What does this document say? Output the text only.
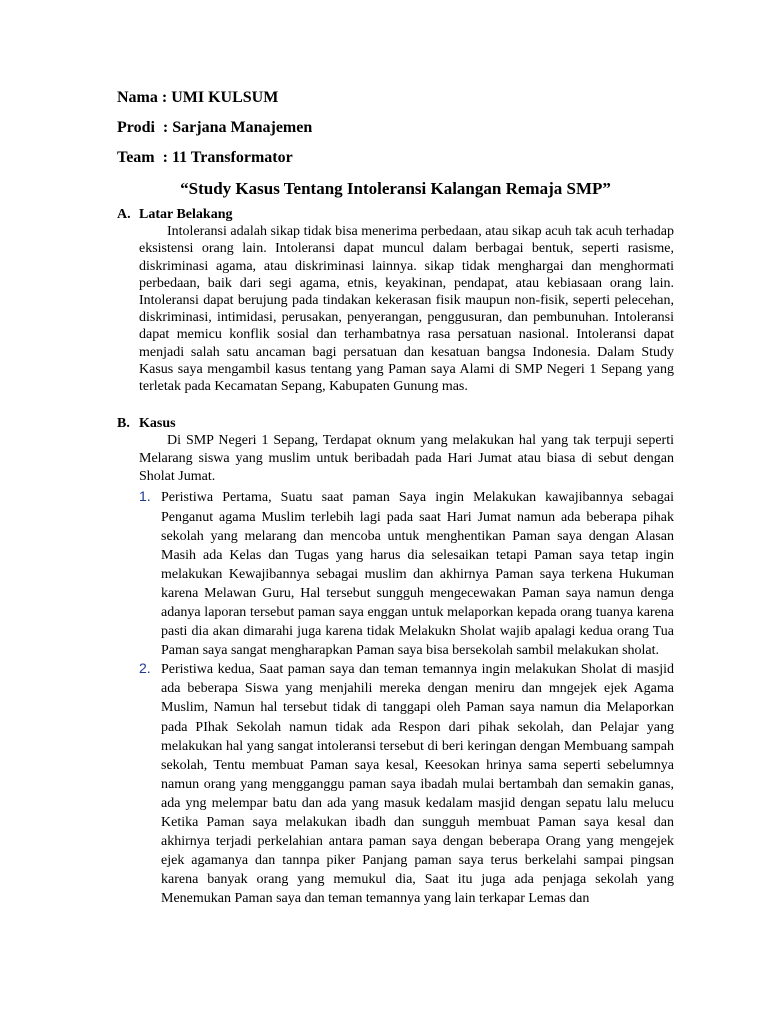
Nama : UMI KULSUM

Prodi  : Sarjana Manajemen

Team  : 11 Transformator

“Study Kasus Tentang Intoleransi Kalangan Remaja SMP”
A. Latar Belakang

Intoleransi adalah sikap tidak bisa menerima perbedaan, atau sikap acuh tak acuh terhadap eksistensi orang lain. Intoleransi dapat muncul dalam berbagai bentuk, seperti rasisme, diskriminasi agama, atau diskriminasi lainnya. sikap tidak menghargai dan menghormati perbedaan, baik dari segi agama, etnis, keyakinan, pendapat, atau kebiasaan orang lain. Intoleransi dapat berujung pada tindakan kekerasan fisik maupun non-fisik, seperti pelecehan, diskriminasi, intimidasi, perusakan, penyerangan, penggusuran, dan pembunuhan. Intoleransi dapat memicu konflik sosial dan terhambatnya rasa persatuan nasional. Intoleransi dapat menjadi salah satu ancaman bagi persatuan dan kesatuan bangsa Indonesia. Dalam Study Kasus saya mengambil kasus tentang yang Paman saya Alami di SMP Negeri 1 Sepang yang terletak pada Kecamatan Sepang, Kabupaten Gunung mas.

B. Kasus

Di SMP Negeri 1 Sepang, Terdapat oknum yang melakukan hal yang tak terpuji seperti Melarang siswa yang muslim untuk beribadah pada Hari Jumat atau biasa di sebut dengan Sholat Jumat.

1. Peristiwa Pertama, Suatu saat paman Saya ingin Melakukan kawajibannya sebagai Penganut agama Muslim terlebih lagi pada saat Hari Jumat namun ada beberapa pihak sekolah yang melarang dan mencoba untuk menghentikan Paman saya dengan Alasan Masih ada Kelas dan Tugas yang harus dia selesaikan tetapi Paman saya tetap ingin melakukan Kewajibannya sebagai muslim dan akhirnya Paman saya terkena Hukuman karena Melawan Guru, Hal tersebut sungguh mengecewakan Paman saya namun denga adanya laporan tersebut paman saya enggan untuk melaporkan kepada orang tuanya karena pasti dia akan dimarahi juga karena tidak Melakukn Sholat wajib apalagi kedua orang Tua Paman saya sangat mengharapkan Paman saya bisa bersekolah sambil melakukan sholat.
2. Peristiwa kedua, Saat paman saya dan teman temannya ingin melakukan Sholat di masjid ada beberapa Siswa yang menjahili mereka dengan meniru dan mngejek ejek Agama Muslim, Namun hal tersebut tidak di tanggapi oleh Paman saya namun dia Melaporkan pada PIhak Sekolah namun tidak ada Respon dari pihak sekolah, dan Pelajar yang melakukan hal yang sangat intoleransi tersebut di beri keringan dengan Membuang sampah sekolah, Tentu membuat Paman saya kesal, Keesokan hrinya sama seperti sebelumnya namun orang yang mengganggu paman saya ibadah mulai bertambah dan semakin ganas, ada yng melempar batu dan ada yang masuk kedalam masjid dengan sepatu lalu melucu Ketika Paman saya melakukan ibadh dan sungguh membuat Paman saya kesal dan akhirnya terjadi perkelahian antara paman saya dengan beberapa Orang yang mengejek ejek agamanya dan tannpa piker Panjang paman saya terus berkelahi sampai pingsan karena banyak orang yang memukul dia, Saat itu juga ada penjaga sekolah yang Menemukan Paman saya dan teman temannya yang lain terkapar Lemas dan
